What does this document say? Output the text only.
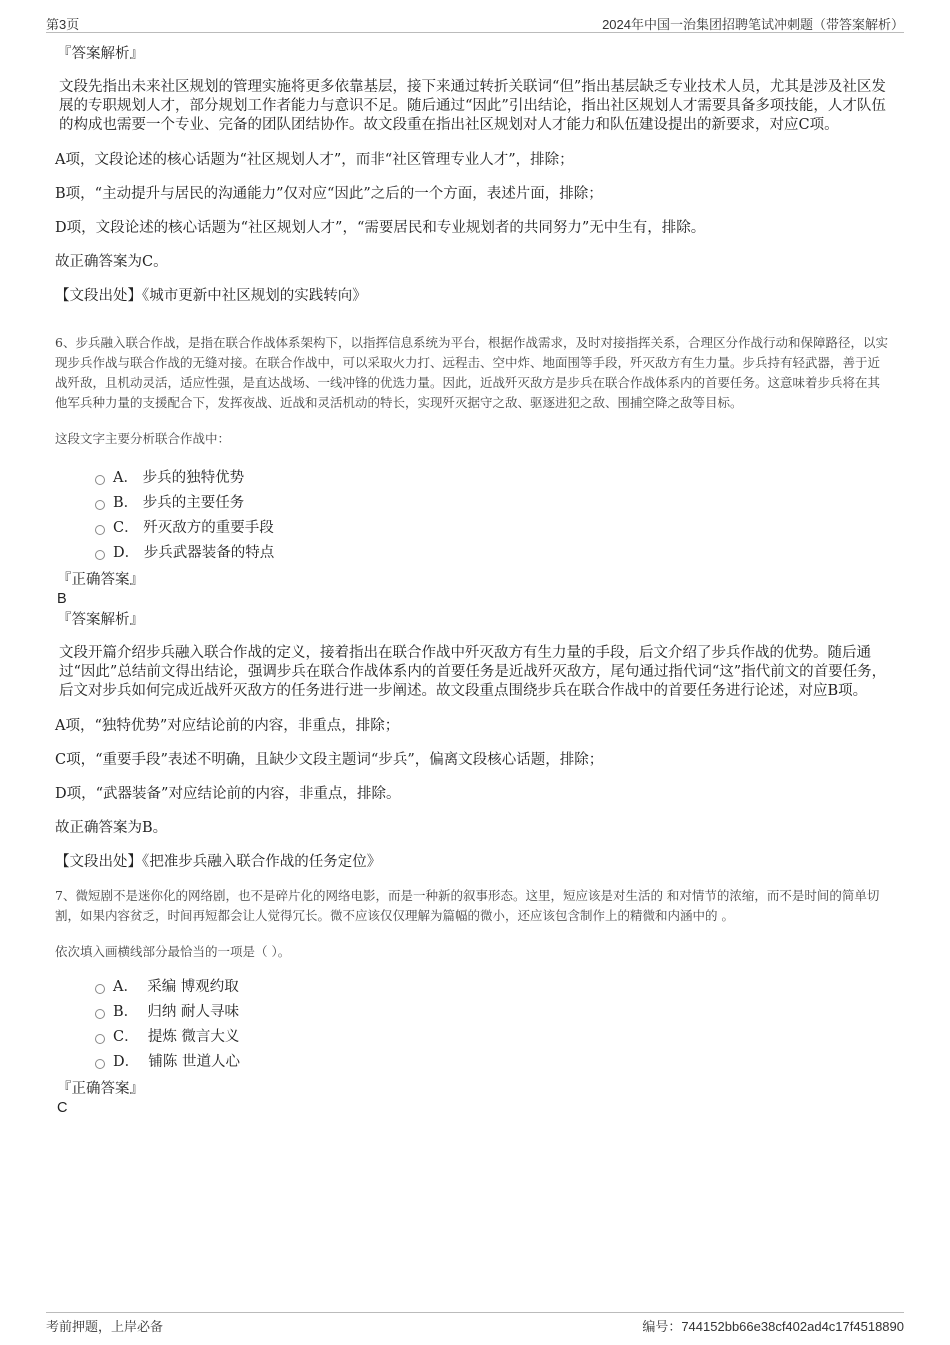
第3页	2024年中国一治集团招聘笔试冲刺题（带答案解析）
『答案解析』

文段先指出未来社区规划的管理实施将更多依靠基层，接下来通过转折关联词“但”指出基层缺乏专业技术人员，尤其是涉及社区发展的专职规划人才，部分规划工作者能力与意识不足。随后通过“因此”引出结论，指出社区规划人才需要具备多项技能，人才队伍的构成也需要一个专业、完备的团队团结协作。故文段重在指出社区规划对人才能力和队伍建设提出的新要求，对应C项。

A项，文段论述的核心话题为“社区规划人才”，而非“社区管理专业人才”，排除；

B项，“主动提升与居民的沟通能力”仅对应“因此”之后的一个方面，表述片面，排除；

D项，文段论述的核心话题为“社区规划人才”，“需要居民和专业规划者的共同努力”无中生有，排除。

故正确答案为C。

【文段出处】《城市更新中社区规划的实践转向》

6、步兵融入联合作战，是指在联合作战体系架构下，以指挥信息系统为平台，根据作战需求，及时对接指挥关系，合理区分作战行动和保障路径，以实现步兵作战与联合作战的无缝对接。在联合作战中，可以采取火力打、远程击、空中炸、地面围等手段，歼灭敌方有生力量。步兵持有轻武器，善于近战歼敌，且机动灵活，适应性强，是直达战场、一线冲锋的优选力量。因此，近战歼灭敌方是步兵在联合作战体系内的首要任务。这意味着步兵将在其他军兵种力量的支援配合下，发挥夜战、近战和灵活机动的特长，实现歼灭据守之敌、驱逐进犯之敌、围捕空降之敌等目标。

这段文字主要分析联合作战中：

A． 步兵的独特优势
B． 步兵的主要任务
C． 歼灭敌方的重要手段
D． 步兵武器装备的特点
『正确答案』
B
『答案解析』

文段开篇介绍步兵融入联合作战的定义，接着指出在联合作战中歼灭敌方有生力量的手段，后文介绍了步兵作战的优势。随后通过“因此”总结前文得出结论，强调步兵在联合作战体系内的首要任务是近战歼灭敌方，尾句通过指代词“这”指代前文的首要任务，后文对步兵如何完成近战歼灭敌方的任务进行进一步阐述。故文段重点围绕步兵在联合作战中的首要任务进行论述，对应B项。

A项，“独特优势”对应结论前的内容，非重点，排除；

C项，“重要手段”表述不明确，且缺少文段主题词“步兵”，偏离文段核心话题，排除；

D项，“武器装备”对应结论前的内容，非重点，排除。

故正确答案为B。

【文段出处】《把准步兵融入联合作战的任务定位》

7、微短剧不是迷你化的网络剧，也不是碎片化的网络电影，而是一种新的叙事形态。这里，短应该是对生活的 和对情节的浓缩，而不是时间的简单切割，如果内容贫乏，时间再短都会让人觉得冗长。微不应该仅仅理解为篇幅的微小，还应该包含制作上的精微和内涵中的 。

依次填入画横线部分最恰当的一项是（ ）。

A． 采编 博观约取
B． 归纳 耐人寻味
C． 提炼 微言大义
D． 铺陈 世道人心
『正确答案』
C
考前押题，上岸必备	编号：744152bb66e38cf402ad4c17f4518890
